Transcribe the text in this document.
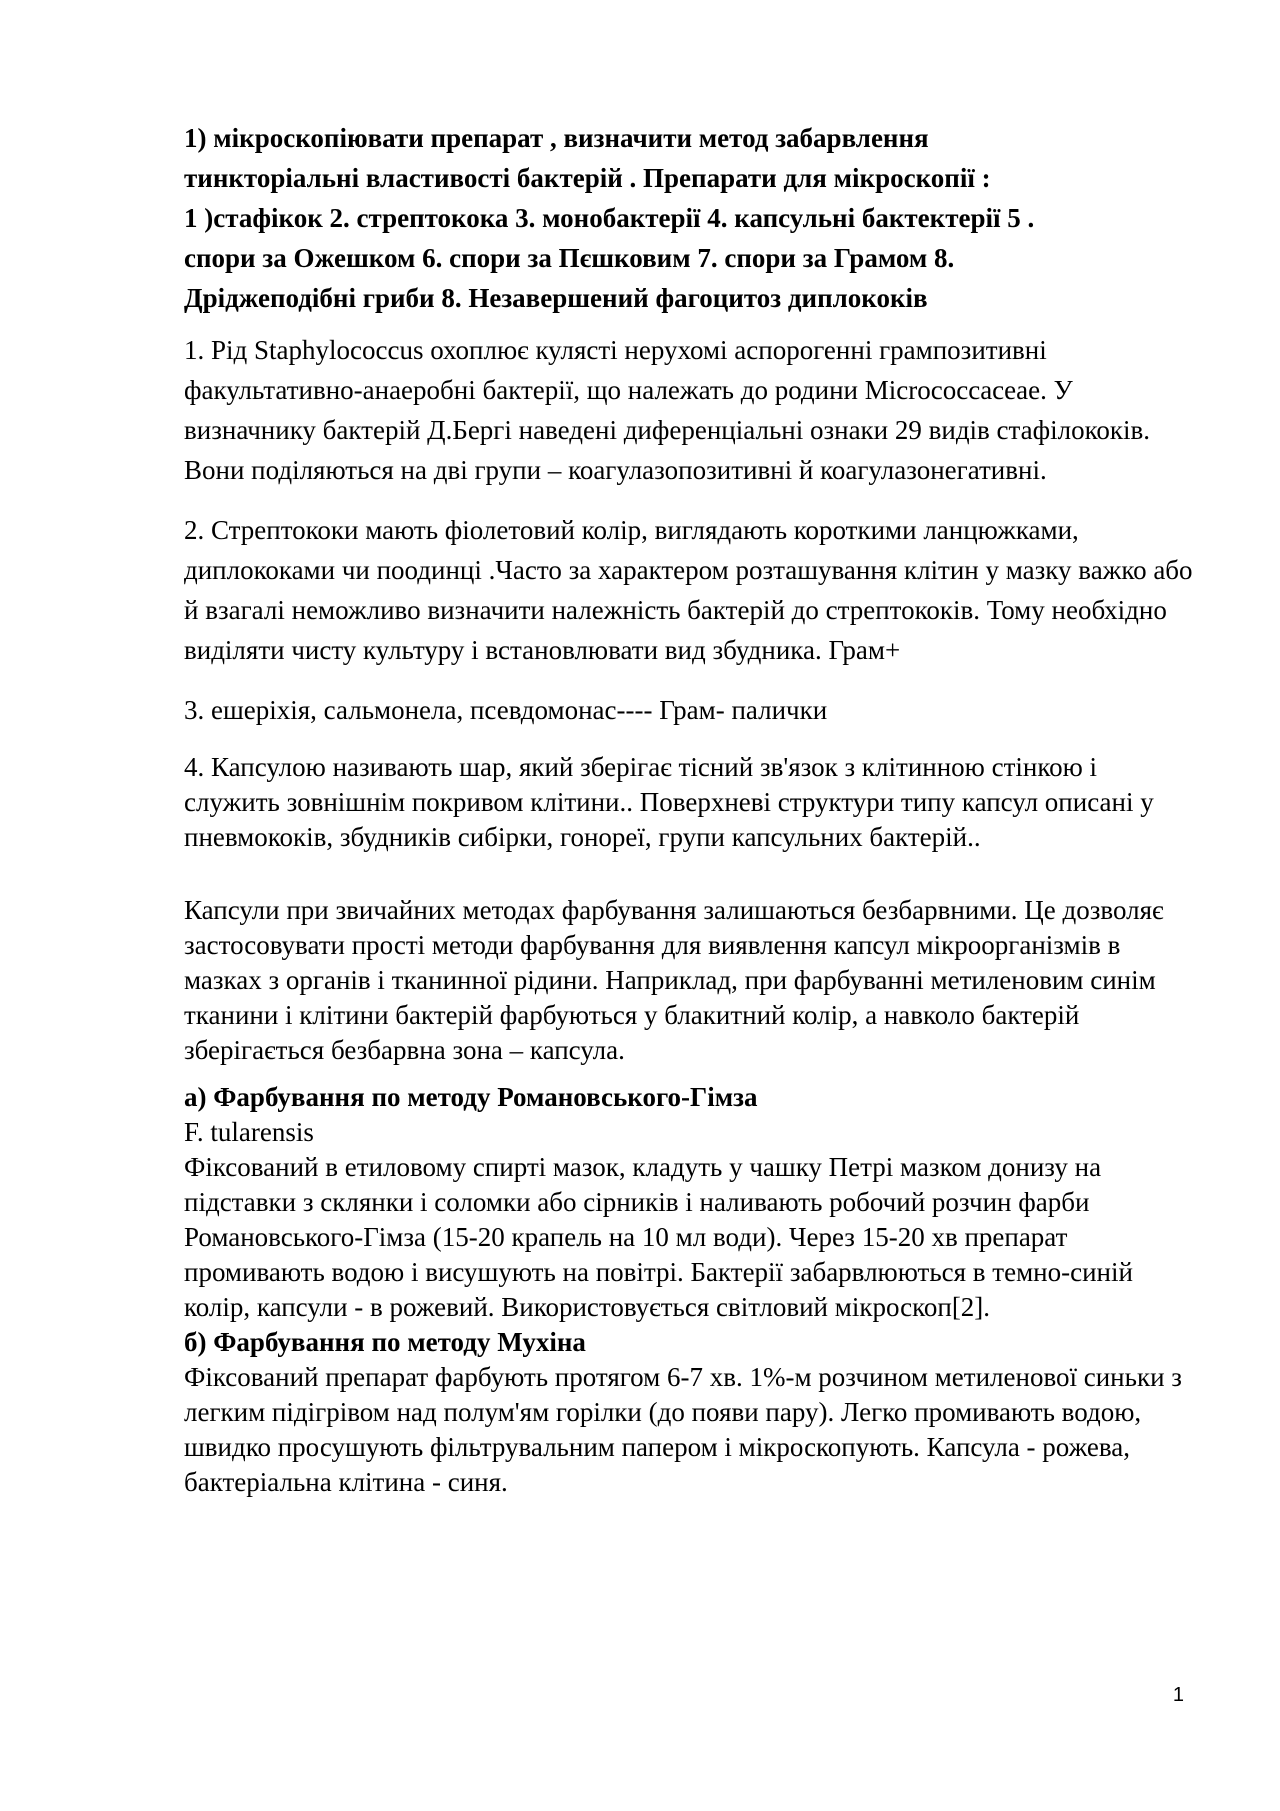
1) мікроскопіювати препарат , визначити метод забарвлення

тинкторіальні властивості бактерій . Препарати для мікроскопії :

1 )стафікок 2. стрептокока 3. монобактерії 4. капсульні бактектерії 5 .

спори за Ожешком 6. спори за Пєшковим 7. спори за Грамом 8.

Дріджеподібні гриби 8. Незавершений фагоцитоз диплококів

1. Рід Staphylococcus охоплює кулясті нерухомі аспорогенні грампозитивні факультативно-анаеробні бактерії, що належать до родини Micrococcaceae. У визначнику бактерій Д.Бергі наведені диференціальні ознаки 29 видів стафілококів. Вони поділяються на дві групи – коагулазопозитивні й коагулазонегативні.

2. Стрептококи мають фіолетовий колір, виглядають короткими ланцюжками, диплококами чи поодинці .Часто за характером розташування клітин у мазку важко або й взагалі неможливо визначити належність бактерій до стрептококів. Тому необхідно виділяти чисту культуру і встановлювати вид збудника. Грам+

3. ешеріхія, сальмонела, псевдомонас---- Грам- палички

4. Капсулою називають шар, який зберігає тісний зв'язок з клітинною стінкою і служить зовнішнім покривом клітини.. Поверхневі структури типу капсул описані у пневмококів, збудників сибірки, гонореї, групи капсульних бактерій..

Капсули при звичайних методах фарбування залишаються безбарвними. Це дозволяє застосовувати прості методи фарбування для виявлення капсул мікроорганізмів в мазках з органів і тканинної рідини. Наприклад, при фарбуванні метиленовим синім тканини і клітини бактерій фарбуються у блакитний колір, а навколо бактерій зберігається безбарвна зона – капсула.

а) Фарбування по методу Романовського-Гімза
F. tularensis
Фіксований в етиловому спирті мазок, кладуть у чашку Петрі мазком донизу на підставки з склянки і соломки або сірників і наливають робочий розчин фарби Романовського-Гімза (15-20 крапель на 10 мл води). Через 15-20 хв препарат промивають водою і висушують на повітрі. Бактерії забарвлюються в темно-синій колір, капсули - в рожевий. Використовується світловий мікроскоп[2].
б) Фарбування по методу Мухіна
Фіксований препарат фарбують протягом 6-7 хв. 1%-м розчином метиленової синьки з легким підігрівом над полум'ям горілки (до появи пару). Легко промивають водою, швидко просушують фільтрувальним папером і мікроскопують. Капсула - рожева, бактеріальна клітина - синя.
1
